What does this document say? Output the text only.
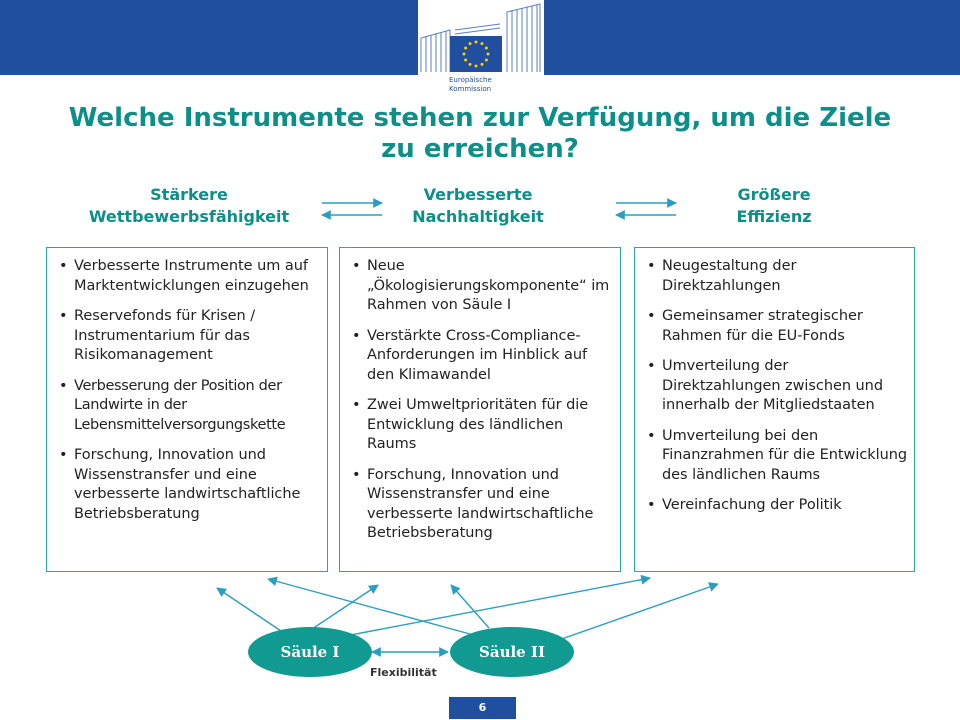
Europäische
Kommission
Welche Instrumente stehen zur Verfügung, um die Ziele
zu erreichen?
Stärkere
Wettbewerbsfähigkeit
Verbesserte
Nachhaltigkeit
Größere
Effizienz
• Verbesserte Instrumente um auf Marktentwicklungen einzugehen
• Reservefonds für Krisen / Instrumentarium für das Risikomanagement
• Verbesserung der Position der Landwirte in der Lebensmittelversorgungskette
• Forschung, Innovation und Wissenstransfer und eine verbesserte landwirtschaftliche Betriebsberatung
• Neue „Ökologisierungskomponente“ im Rahmen von Säule I
• Verstärkte Cross-Compliance-Anforderungen im Hinblick auf den Klimawandel
• Zwei Umweltprioritäten für die Entwicklung des ländlichen Raums
• Forschung, Innovation und Wissenstransfer und eine verbesserte landwirtschaftliche Betriebsberatung
• Neugestaltung der Direktzahlungen
• Gemeinsamer strategischer Rahmen für die EU-Fonds
• Umverteilung der Direktzahlungen zwischen und innerhalb der Mitgliedstaaten
• Umverteilung bei den Finanzrahmen für die Entwicklung des ländlichen Raums
• Vereinfachung der Politik
Säule I	Säule II
Flexibilität
6
